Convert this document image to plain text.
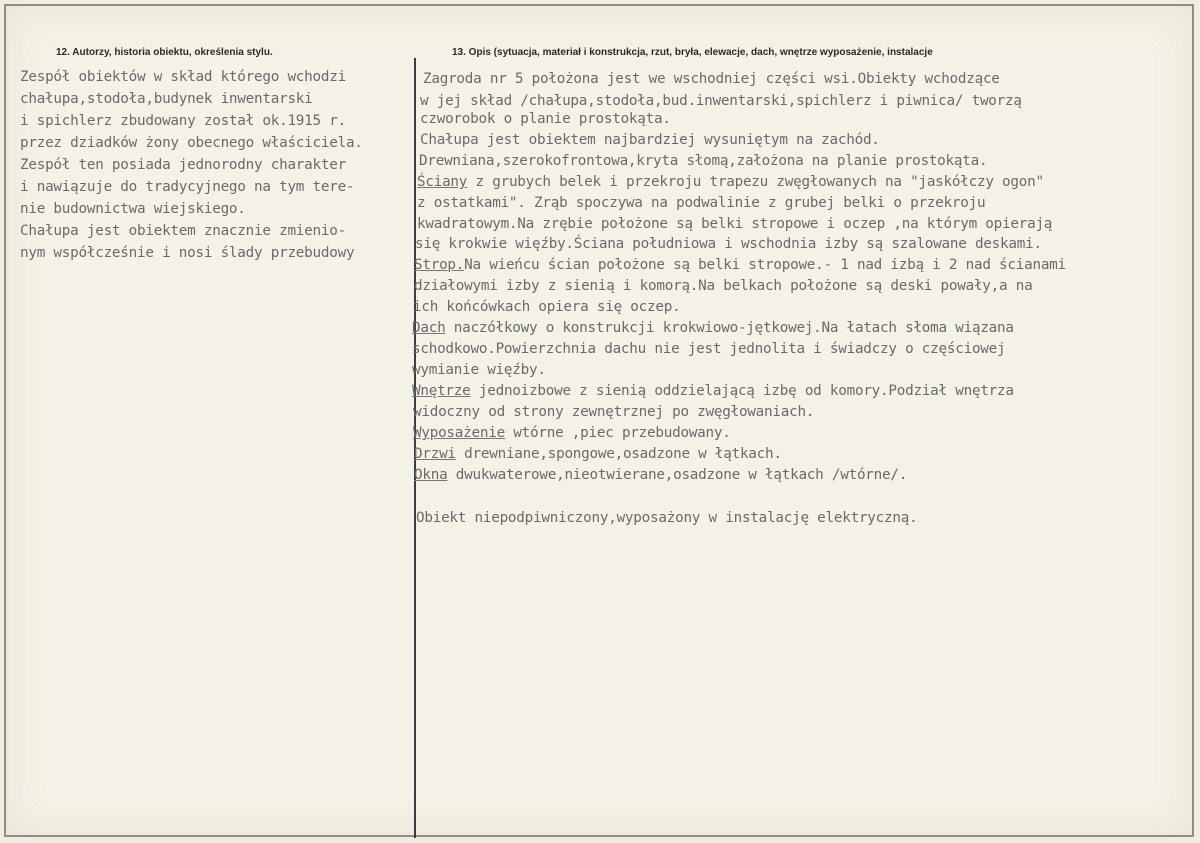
12. Autorzy, historia obiektu, określenia stylu.	13. Opis (sytuacja, materiał i konstrukcja, rzut, bryła, elewacje, dach, wnętrze wyposażenie, instalacje
Zespół obiektów w skład którego wchodzi
chałupa,stodoła,budynek inwentarski
i spichlerz zbudowany został ok.1915 r.
przez dziadków żony obecnego właściciela.
Zespół ten posiada jednorodny charakter
i nawiązuje do tradycyjnego na tym tere-
nie budownictwa wiejskiego.
Chałupa jest obiektem znacznie zmienio-
nym współcześnie i nosi ślady przebudowy
Zagroda nr 5 położona jest we wschodniej części wsi.Obiekty wchodzące
w jej skład /chałupa,stodoła,bud.inwentarski,spichlerz i piwnica/ tworzą
czworobok o planie prostokąta.
Chałupa jest obiektem najbardziej wysuniętym na zachód.
Drewniana,szerokofrontowa,kryta słomą,założona na planie prostokąta.
Ściany z grubych belek i przekroju trapezu zwęgłowanych na "jaskółczy ogon"
z ostatkami". Zrąb spoczywa na podwalinie z grubej belki o przekroju
kwadratowym.Na zrębie położone są belki stropowe i oczep ,na którym opierają
się krokwie więźby.Ściana południowa i wschodnia izby są szalowane deskami.
Strop.Na wieńcu ścian położone są belki stropowe.- 1 nad izbą i 2 nad ścianami
działowymi izby z sienią i komorą.Na belkach położone są deski powały,a na
ich końcówkach opiera się oczep.
Dach naczółkowy o konstrukcji krokwiowo-jętkowej.Na łatach słoma wiązana
schodkowo.Powierzchnia dachu nie jest jednolita i świadczy o częściowej
wymianie więźby.
Wnętrze jednoizbowe z sienią oddzielającą izbę od komory.Podział wnętrza
widoczny od strony zewnętrznej po zwęgłowaniach.
Wyposażenie wtórne ,piec przebudowany.
Drzwi drewniane,spongowe,osadzone w łątkach.
Okna dwukwaterowe,nieotwierane,osadzone w łątkach /wtórne/.
Obiekt niepodpiwniczony,wyposażony w instalację elektryczną.
